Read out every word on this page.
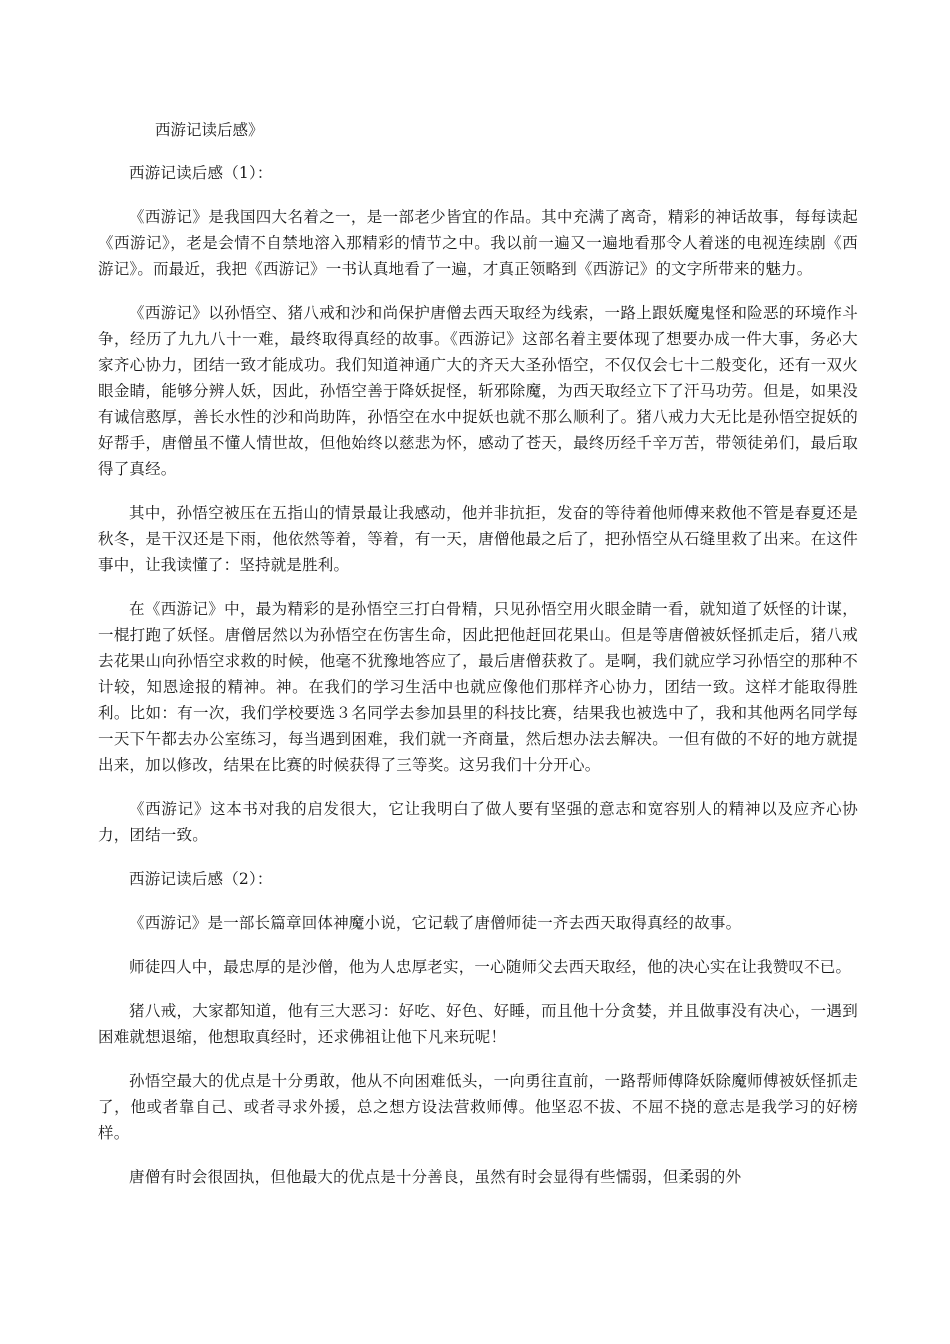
西游记读后感》

西游记读后感（1）：

《西游记》是我国四大名着之一，是一部老少皆宜的作品。其中充满了离奇，精彩的神话故事，每每读起《西游记》，老是会情不自禁地溶入那精彩的情节之中。我以前一遍又一遍地看那令人着迷的电视连续剧《西游记》。而最近，我把《西游记》一书认真地看了一遍，才真正领略到《西游记》的文字所带来的魅力。

《西游记》以孙悟空、猪八戒和沙和尚保护唐僧去西天取经为线索，一路上跟妖魔鬼怪和险恶的环境作斗争，经历了九九八十一难，最终取得真经的故事。《西游记》这部名着主要体现了想要办成一件大事，务必大家齐心协力，团结一致才能成功。我们知道神通广大的齐天大圣孙悟空，不仅仅会七十二般变化，还有一双火眼金睛，能够分辨人妖，因此，孙悟空善于降妖捉怪，斩邪除魔，为西天取经立下了汗马功劳。但是，如果没有诚信憨厚，善长水性的沙和尚助阵，孙悟空在水中捉妖也就不那么顺利了。猪八戒力大无比是孙悟空捉妖的好帮手，唐僧虽不懂人情世故，但他始终以慈悲为怀，感动了苍天，最终历经千辛万苦，带领徒弟们，最后取得了真经。

其中，孙悟空被压在五指山的情景最让我感动，他并非抗拒，发奋的等待着他师傅来救他不管是春夏还是秋冬，是干汉还是下雨，他依然等着，等着，有一天，唐僧他最之后了，把孙悟空从石缝里救了出来。在这件事中，让我读懂了：坚持就是胜利。

在《西游记》中，最为精彩的是孙悟空三打白骨精，只见孙悟空用火眼金睛一看，就知道了妖怪的计谋，一棍打跑了妖怪。唐僧居然以为孙悟空在伤害生命，因此把他赶回花果山。但是等唐僧被妖怪抓走后，猪八戒去花果山向孙悟空求救的时候，他毫不犹豫地答应了，最后唐僧获救了。是啊，我们就应学习孙悟空的那种不计较，知恩途报的精神。神。在我们的学习生活中也就应像他们那样齐心协力，团结一致。这样才能取得胜利。比如：有一次，我们学校要选３名同学去参加县里的科技比赛，结果我也被选中了，我和其他两名同学每一天下午都去办公室练习，每当遇到困难，我们就一齐商量，然后想办法去解决。一但有做的不好的地方就提出来，加以修改，结果在比赛的时候获得了三等奖。这另我们十分开心。

《西游记》这本书对我的启发很大，它让我明白了做人要有坚强的意志和宽容别人的精神以及应齐心协力，团结一致。

西游记读后感（2）：

《西游记》是一部长篇章回体神魔小说，它记载了唐僧师徒一齐去西天取得真经的故事。

师徒四人中，最忠厚的是沙僧，他为人忠厚老实，一心随师父去西天取经，他的决心实在让我赞叹不已。

猪八戒，大家都知道，他有三大恶习：好吃、好色、好睡，而且他十分贪婪，并且做事没有决心，一遇到困难就想退缩，他想取真经时，还求佛祖让他下凡来玩呢！

孙悟空最大的优点是十分勇敢，他从不向困难低头，一向勇往直前，一路帮师傅降妖除魔师傅被妖怪抓走了，他或者靠自己、或者寻求外援，总之想方设法营救师傅。他坚忍不拔、不屈不挠的意志是我学习的好榜样。

唐僧有时会很固执，但他最大的优点是十分善良，虽然有时会显得有些懦弱，但柔弱的外
